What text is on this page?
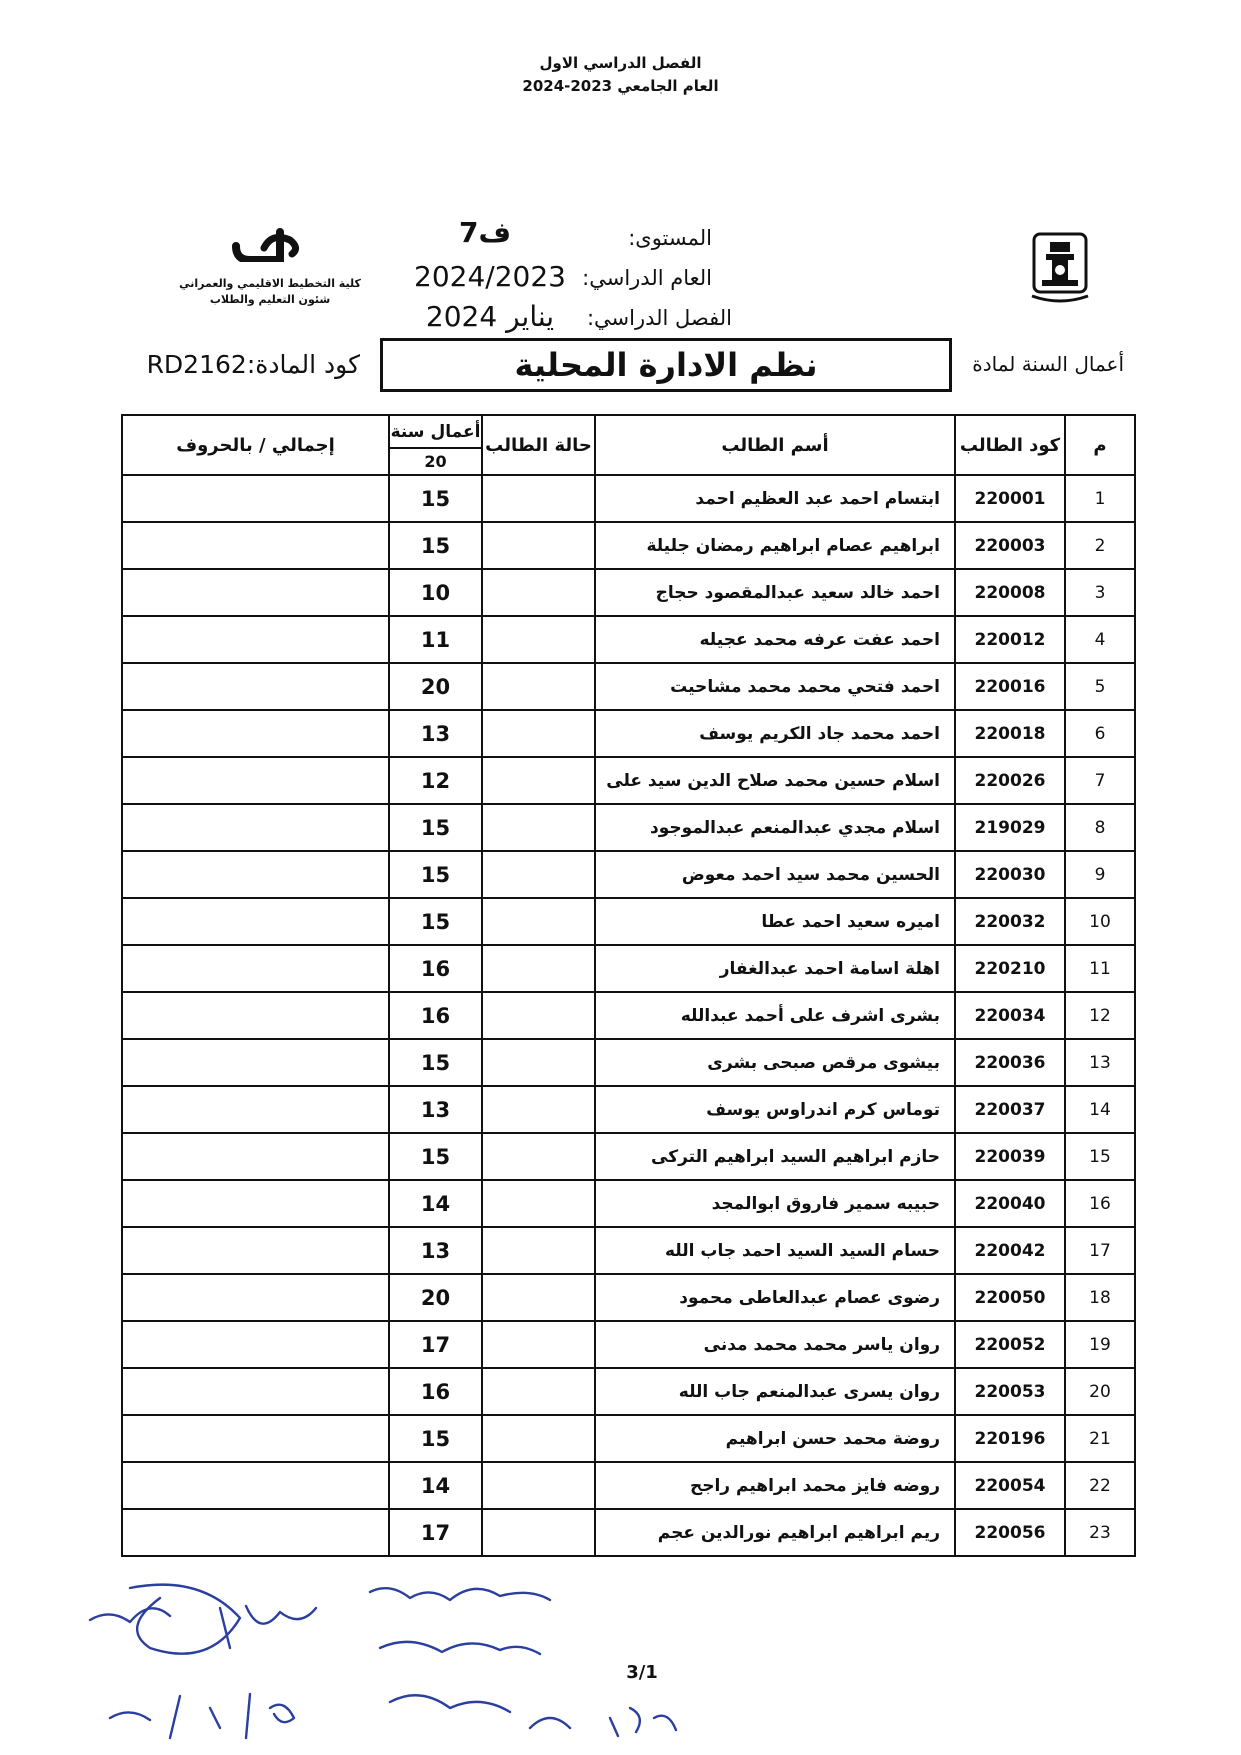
الفصل الدراسي الاول
العام الجامعي 2023-2024
كلية التخطيط الاقليمي والعمراني
شئون التعليم والطلاب
المستوى:
العام الدراسي:
الفصل الدراسي:
ف7
2024/2023
يناير 2024
أعمال السنة لمادة
نظم الادارة المحلية
كود المادة:RD2162
م	كود الطالب	أسم الطالب	حالة الطالب	أعمال سنة	إجمالي / بالحروف
				20	
1	220001	ابتسام احمد عبد العظيم احمد		15	
2	220003	ابراهيم عصام ابراهيم رمضان جليلة		15	
3	220008	احمد خالد سعيد عبدالمقصود حجاج		10	
4	220012	احمد عفت عرفه محمد عجيله		11	
5	220016	احمد فتحي محمد محمد مشاحيت		20	
6	220018	احمد محمد جاد الكريم يوسف		13	
7	220026	اسلام حسين محمد صلاح الدين سيد على		12	
8	219029	اسلام مجدي عبدالمنعم عبدالموجود		15	
9	220030	الحسين محمد سيد احمد معوض		15	
10	220032	اميره سعيد احمد عطا		15	
11	220210	اهلة اسامة احمد عبدالغفار		16	
12	220034	بشرى اشرف على أحمد عبدالله		16	
13	220036	بيشوى مرقص صبحى بشرى		15	
14	220037	توماس كرم اندراوس يوسف		13	
15	220039	حازم ابراهيم السيد ابراهيم التركى		15	
16	220040	حبيبه سمير فاروق ابوالمجد		14	
17	220042	حسام السيد السيد احمد جاب الله		13	
18	220050	رضوى عصام عبدالعاطى محمود		20	
19	220052	روان ياسر محمد محمد مدنى		17	
20	220053	روان يسرى عبدالمنعم جاب الله		16	
21	220196	روضة محمد حسن ابراهيم		15	
22	220054	روضه فايز محمد ابراهيم راجح		14	
23	220056	ريم ابراهيم ابراهيم نورالدين عجم		17	
3/1
